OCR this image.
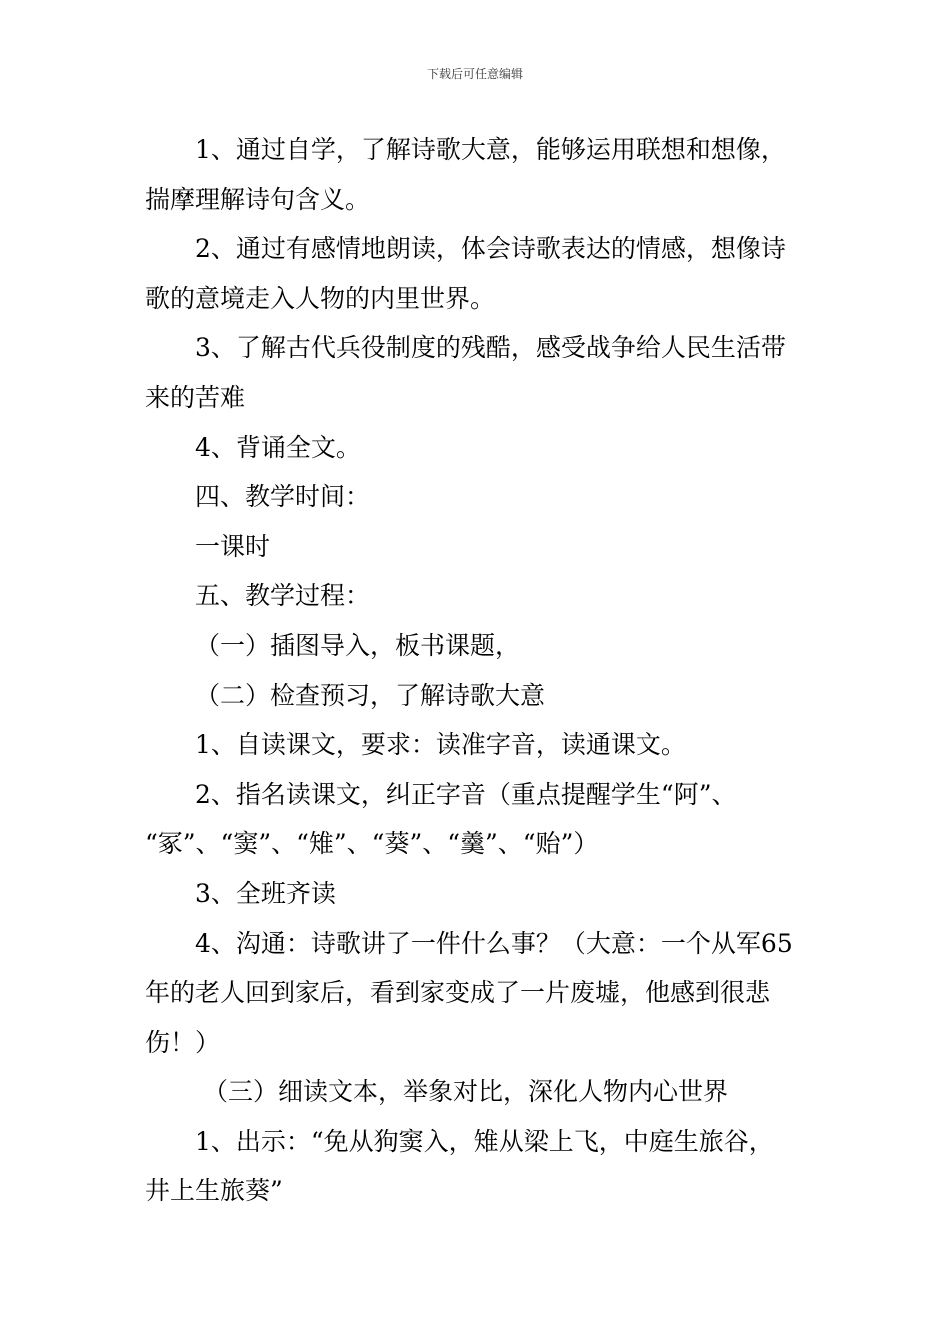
下载后可任意编辑

1、通过自学，了解诗歌大意，能够运用联想和想像，

揣摩理解诗句含义。

2、通过有感情地朗读，体会诗歌表达的情感，想像诗

歌的意境走入人物的内里世界。

3、了解古代兵役制度的残酷，感受战争给人民生活带

来的苦难

4、背诵全文。

四、教学时间：

一课时

五、教学过程：

（一）插图导入，板书课题，

（二）检查预习，了解诗歌大意

1、自读课文，要求：读准字音，读通课文。

2、指名读课文，纠正字音（重点提醒学生“阿”、

“冢”、“窦”、“雉”、“葵”、“羹”、“贻”）

3、全班齐读

4、沟通：诗歌讲了一件什么事？（大意：一个从军65

年的老人回到家后，看到家变成了一片废墟，他感到很悲

伤！）

（三）细读文本，举象对比，深化人物内心世界

1、出示：“免从狗窦入，雉从梁上飞，中庭生旅谷，

井上生旅葵”
